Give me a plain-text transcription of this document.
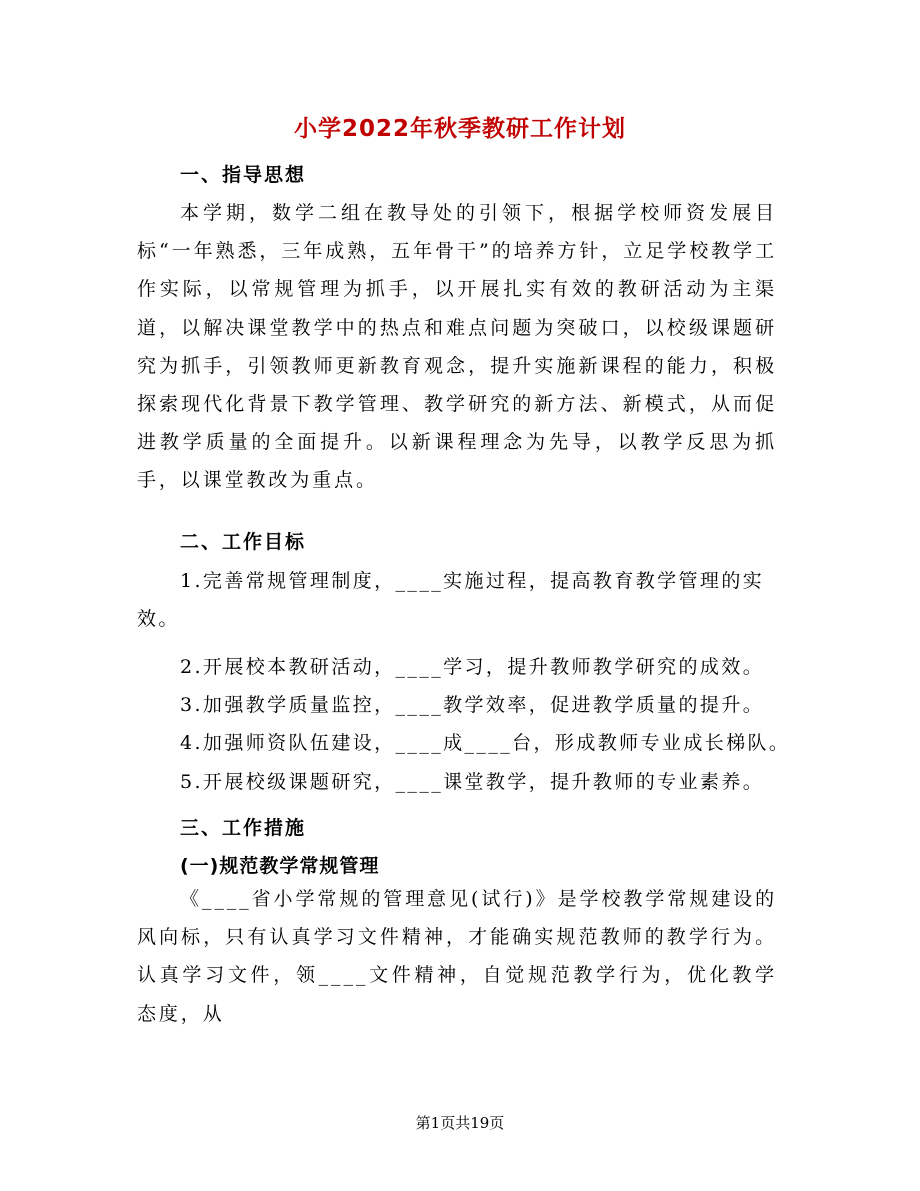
小学2022年秋季教研工作计划
一、指导思想

本学期，数学二组在教导处的引领下，根据学校师资发展目标“一年熟悉，三年成熟，五年骨干”的培养方针，立足学校教学工作实际，以常规管理为抓手，以开展扎实有效的教研活动为主渠道，以解决课堂教学中的热点和难点问题为突破口，以校级课题研究为抓手，引领教师更新教育观念，提升实施新课程的能力，积极探索现代化背景下教学管理、教学研究的新方法、新模式，从而促进教学质量的全面提升。以新课程理念为先导，以教学反思为抓手，以课堂教改为重点。

二、工作目标

1.完善常规管理制度，____实施过程，提高教育教学管理的实效。

2.开展校本教研活动，____学习，提升教师教学研究的成效。
3.加强教学质量监控，____教学效率，促进教学质量的提升。
4.加强师资队伍建设，____成____台，形成教师专业成长梯队。
5.开展校级课题研究，____课堂教学，提升教师的专业素养。
三、工作措施
(一)规范教学常规管理

《____省小学常规的管理意见(试行)》是学校教学常规建设的风向标，只有认真学习文件精神，才能确实规范教师的教学行为。认真学习文件，领____文件精神，自觉规范教学行为，优化教学态度，从

第1页共19页
